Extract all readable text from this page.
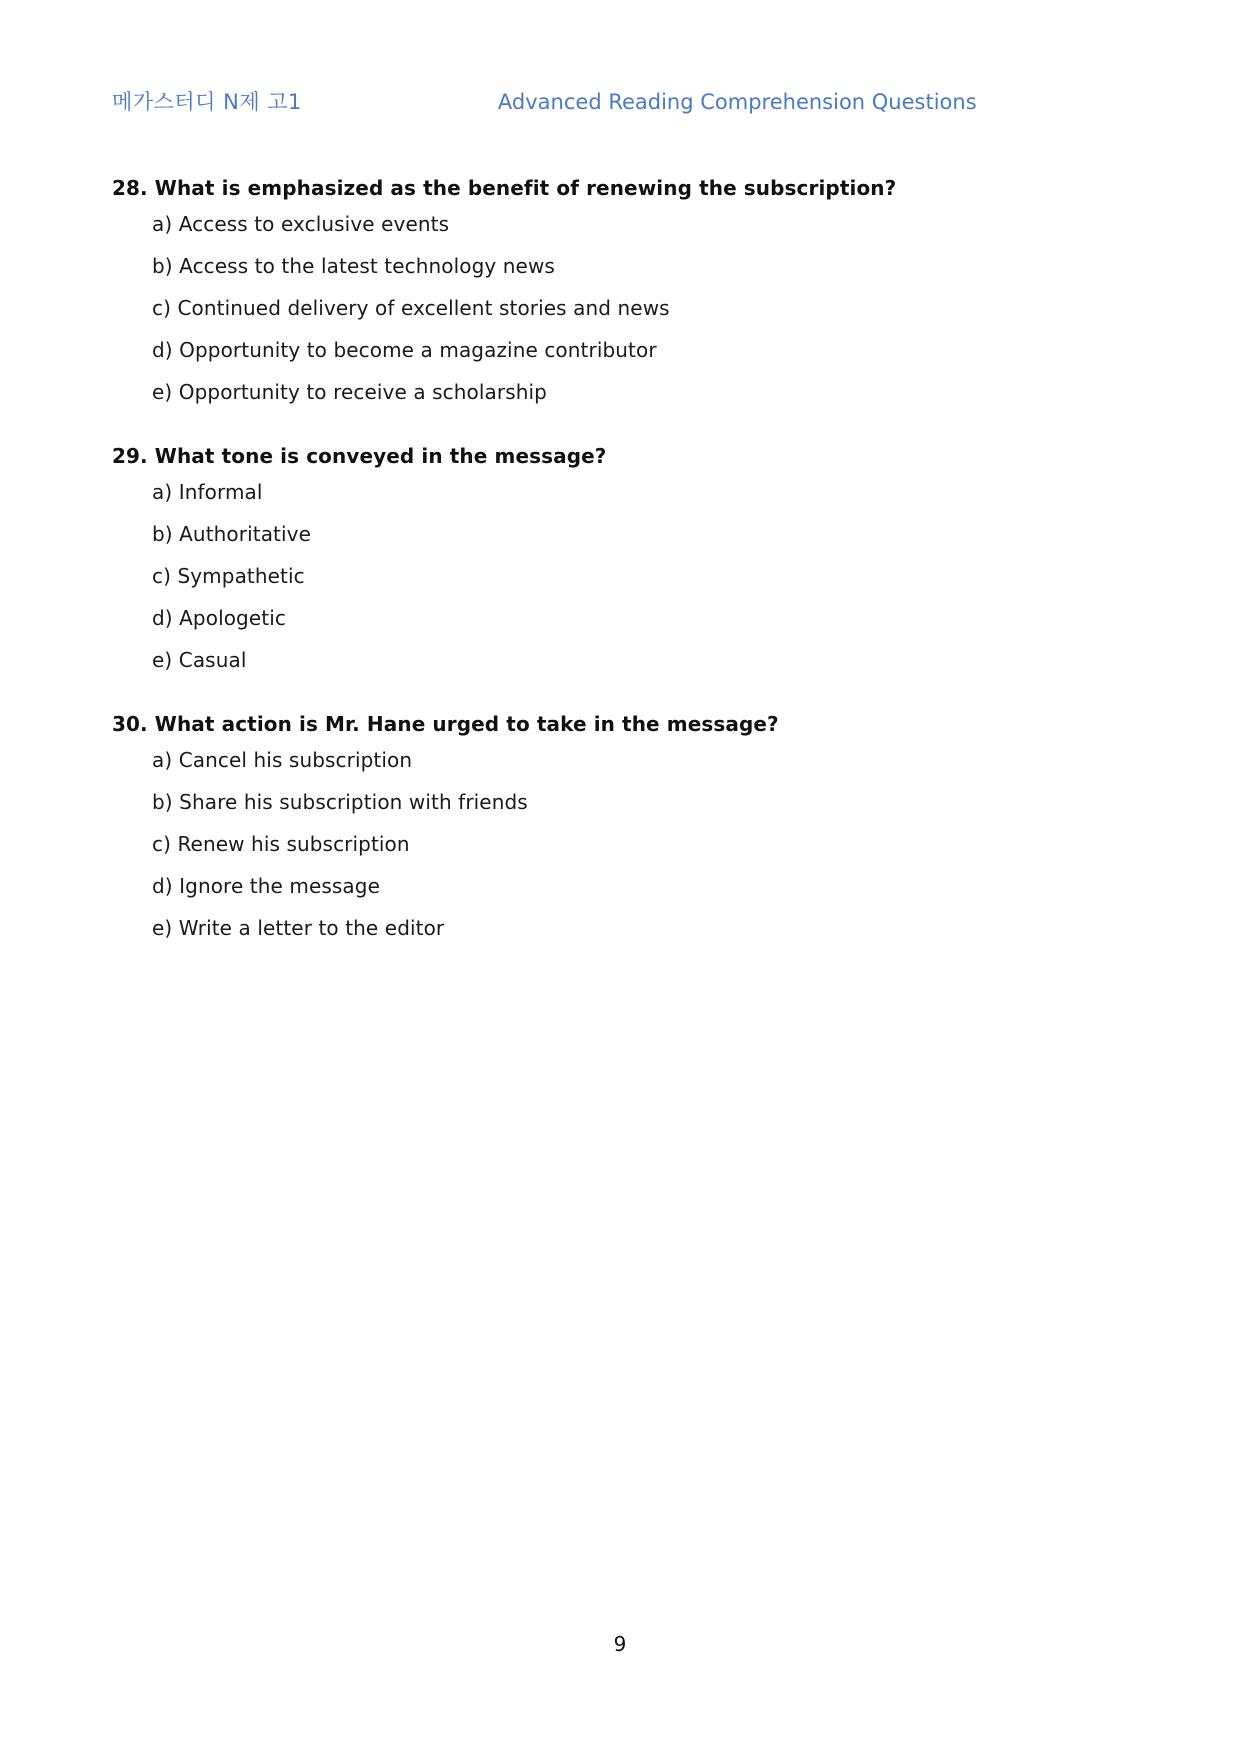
메가스터디 N제 고1	Advanced Reading Comprehension Questions
28. What is emphasized as the benefit of renewing the subscription?
a) Access to exclusive events
b) Access to the latest technology news
c) Continued delivery of excellent stories and news
d) Opportunity to become a magazine contributor
e) Opportunity to receive a scholarship
29. What tone is conveyed in the message?
a) Informal
b) Authoritative
c) Sympathetic
d) Apologetic
e) Casual
30. What action is Mr. Hane urged to take in the message?
a) Cancel his subscription
b) Share his subscription with friends
c) Renew his subscription
d) Ignore the message
e) Write a letter to the editor
9
